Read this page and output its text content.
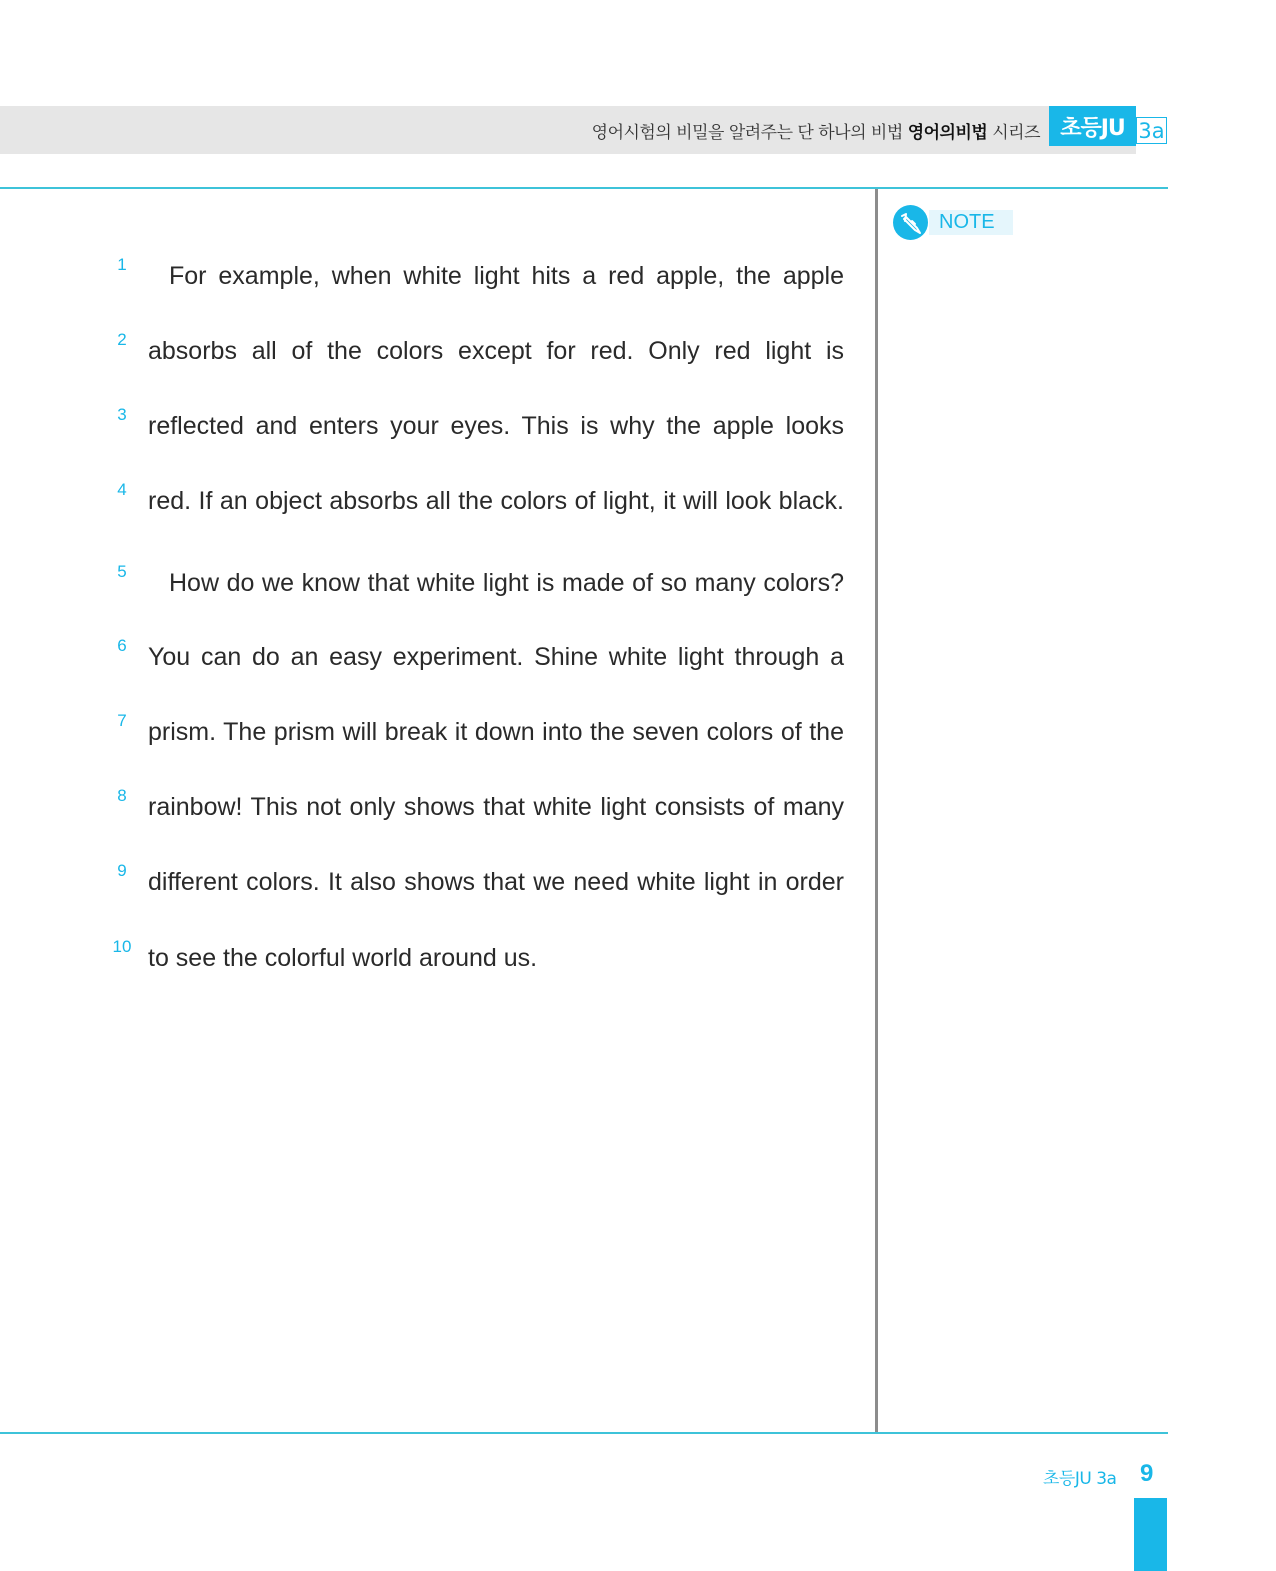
영어시험의 비밀을 알려주는 단 하나의 비법 영어의비법 시리즈 초등JU 3a
NOTE
1	For example, when white light hits a red apple, the apple
2 absorbs all of the colors except for red. Only red light is
3 reflected and enters your eyes. This is why the apple looks
4 red. If an object absorbs all the colors of light, it will look black.
5	How do we know that white light is made of so many colors?
6 You can do an easy experiment. Shine white light through a
7 prism. The prism will break it down into the seven colors of the
8 rainbow! This not only shows that white light consists of many
9 different colors. It also shows that we need white light in order
10 to see the colorful world around us.
초등JU 3a 9
